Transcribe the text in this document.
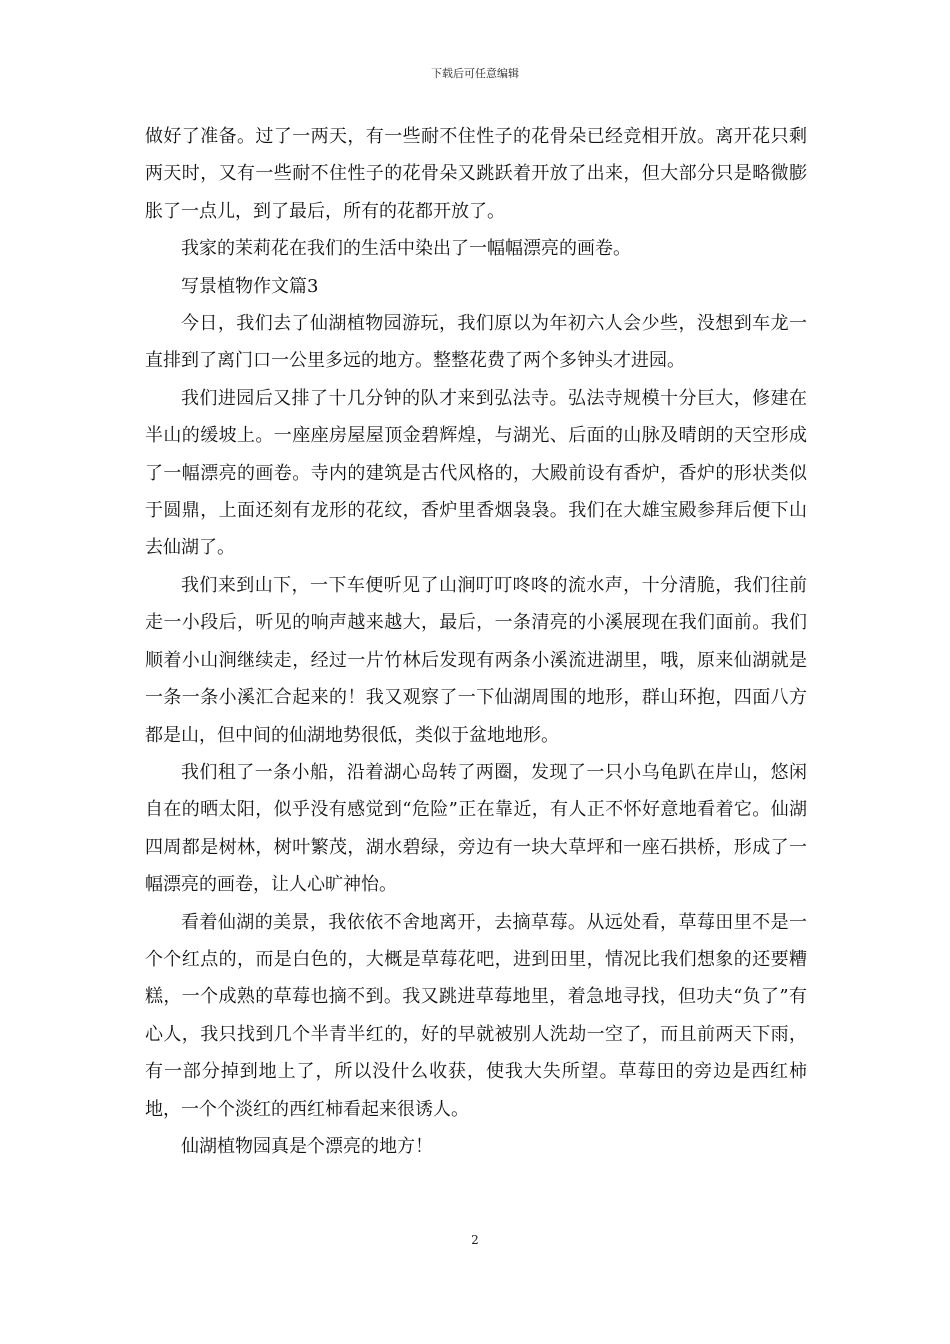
下载后可任意编辑

做好了准备。过了一两天，有一些耐不住性子的花骨朵已经竞相开放。离开花只剩两天时，又有一些耐不住性子的花骨朵又跳跃着开放了出来，但大部分只是略微膨胀了一点儿，到了最后，所有的花都开放了。

我家的茉莉花在我们的生活中染出了一幅幅漂亮的画卷。

写景植物作文篇3

今日，我们去了仙湖植物园游玩，我们原以为年初六人会少些，没想到车龙一直排到了离门口一公里多远的地方。整整花费了两个多钟头才进园。

我们进园后又排了十几分钟的队才来到弘法寺。弘法寺规模十分巨大，修建在半山的缓坡上。一座座房屋屋顶金碧辉煌，与湖光、后面的山脉及晴朗的天空形成了一幅漂亮的画卷。寺内的建筑是古代风格的，大殿前设有香炉，香炉的形状类似于圆鼎，上面还刻有龙形的花纹，香炉里香烟袅袅。我们在大雄宝殿参拜后便下山去仙湖了。

我们来到山下，一下车便听见了山涧叮叮咚咚的流水声，十分清脆，我们往前走一小段后，听见的响声越来越大，最后，一条清亮的小溪展现在我们面前。我们顺着小山涧继续走，经过一片竹林后发现有两条小溪流进湖里，哦，原来仙湖就是一条一条小溪汇合起来的！我又观察了一下仙湖周围的地形，群山环抱，四面八方都是山，但中间的仙湖地势很低，类似于盆地地形。

我们租了一条小船，沿着湖心岛转了两圈，发现了一只小乌龟趴在岸山，悠闲自在的晒太阳，似乎没有感觉到“危险”正在靠近，有人正不怀好意地看着它。仙湖四周都是树林，树叶繁茂，湖水碧绿，旁边有一块大草坪和一座石拱桥，形成了一幅漂亮的画卷，让人心旷神怡。

看着仙湖的美景，我依依不舍地离开，去摘草莓。从远处看，草莓田里不是一个个红点的，而是白色的，大概是草莓花吧，进到田里，情况比我们想象的还要糟糕，一个成熟的草莓也摘不到。我又跳进草莓地里，着急地寻找，但功夫“负了”有心人，我只找到几个半青半红的，好的早就被别人洗劫一空了，而且前两天下雨，有一部分掉到地上了，所以没什么收获，使我大失所望。草莓田的旁边是西红柿地，一个个淡红的西红柿看起来很诱人。

仙湖植物园真是个漂亮的地方！

2
